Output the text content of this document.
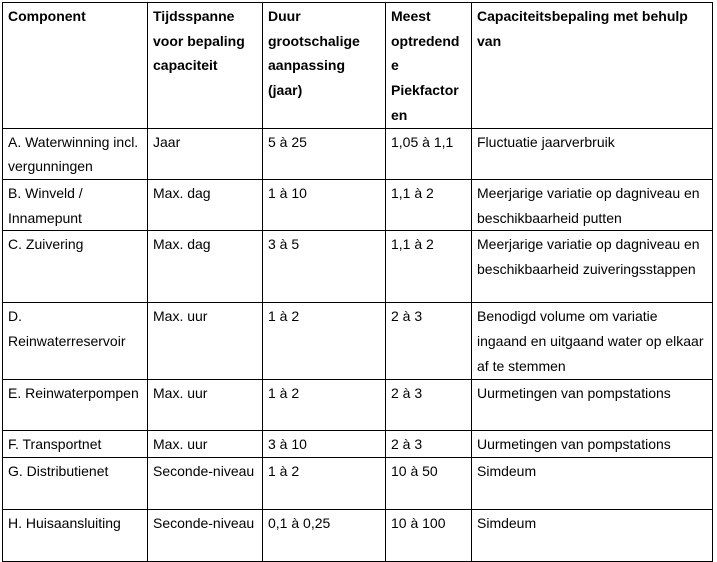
Component	Tijdsspanne voor bepaling capaciteit	Duur grootschalige aanpassing (jaar)	Meest optredend e Piekfactor en	Capaciteitsbepaling met behulp van
A. Waterwinning incl. vergunningen	Jaar	5 à 25	1,05 à 1,1	Fluctuatie jaarverbruik
B. Winveld / Innamepunt	Max. dag	1 à 10	1,1 à 2	Meerjarige variatie op dagniveau en beschikbaarheid putten
C. Zuivering	Max. dag	3 à 5	1,1 à 2	Meerjarige variatie op dagniveau en beschikbaarheid zuiveringsstappen
D. Reinwaterreservoir	Max. uur	1 à 2	2 à 3	Benodigd volume om variatie ingaand en uitgaand water op elkaar af te stemmen
E. Reinwaterpompen	Max. uur	1 à 2	2 à 3	Uurmetingen van pompstations
F. Transportnet	Max. uur	3 à 10	2 à 3	Uurmetingen van pompstations
G. Distributienet	Seconde-niveau	1 à 2	10 à 50	Simdeum
H. Huisaansluiting	Seconde-niveau	0,1 à 0,25	10 à 100	Simdeum
